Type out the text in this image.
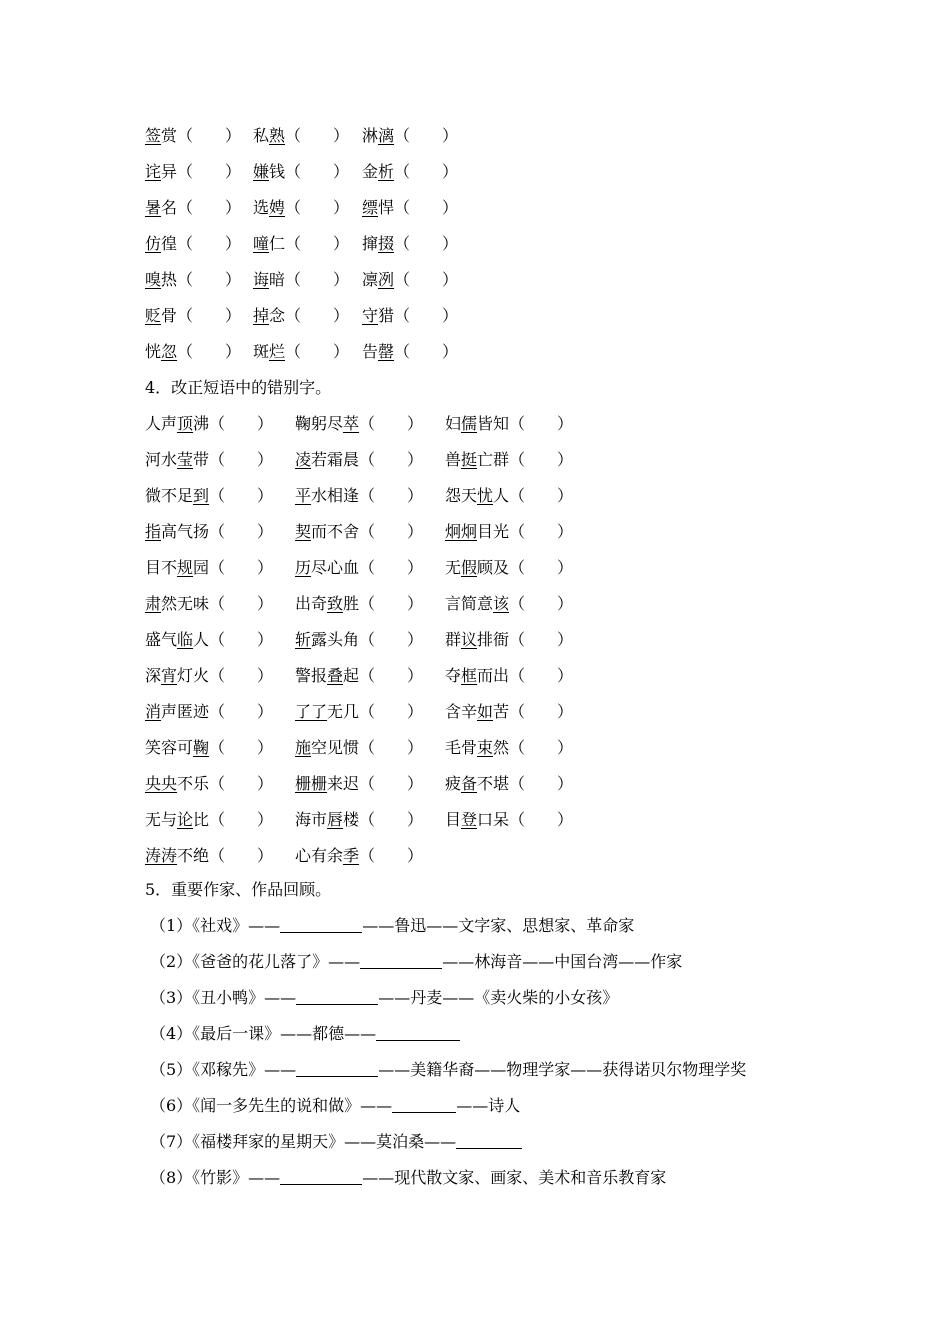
签赏（　　） 私熟（　　） 淋漓（　　）
诧异（　　） 嫌钱（　　） 金析（　　）
暑名（　　） 选娉（　　） 缥悍（　　）
仿徨（　　） 噇仁（　　） 撺掇（　　）
嗅热（　　） 诲暗（　　） 凛冽（　　）
贬骨（　　） 掉念（　　） 守猎（　　）
恍忽（　　） 斑烂（　　） 告罄（　　）
4．改正短语中的错别字。
人声顶沸（　　） 鞠躬尽萃（　　） 妇儒皆知（　　）
河水莹带（　　） 凌若霜晨（　　） 兽挺亡群（　　）
微不足到（　　） 平水相逢（　　） 怨天忧人（　　）
指高气扬（　　） 契而不舍（　　） 炯炯目光（　　）
目不规园（　　） 历尽心血（　　） 无假顾及（　　）
肃然无味（　　） 出奇致胜（　　） 言简意该（　　）
盛气临人（　　） 斩露头角（　　） 群议排衙（　　）
深宵灯火（　　） 警报叠起（　　） 夺框而出（　　）
消声匿迹（　　） 了了无几（　　） 含辛如苦（　　）
笑容可鞠（　　） 施空见惯（　　） 毛骨束然（　　）
央央不乐（　　） 栅栅来迟（　　） 疲备不堪（　　）
无与论比（　　） 海市唇楼（　　） 目登口呆（　　）
涛涛不绝（　　） 心有余季（　　）
5．重要作家、作品回顾。
（1）《社戏》——	——鲁迅——文字家、思想家、革命家
（2）《爸爸的花儿落了》——	——林海音——中国台湾——作家
（3）《丑小鸭》——	——丹麦——《卖火柴的小女孩》
（4）《最后一课》——都德——
（5）《邓稼先》——	——美籍华裔——物理学家——获得诺贝尔物理学奖
（6）《闻一多先生的说和做》——	——诗人
（7）《福楼拜家的星期天》——莫泊桑——
（8）《竹影》——	——现代散文家、画家、美术和音乐教育家
